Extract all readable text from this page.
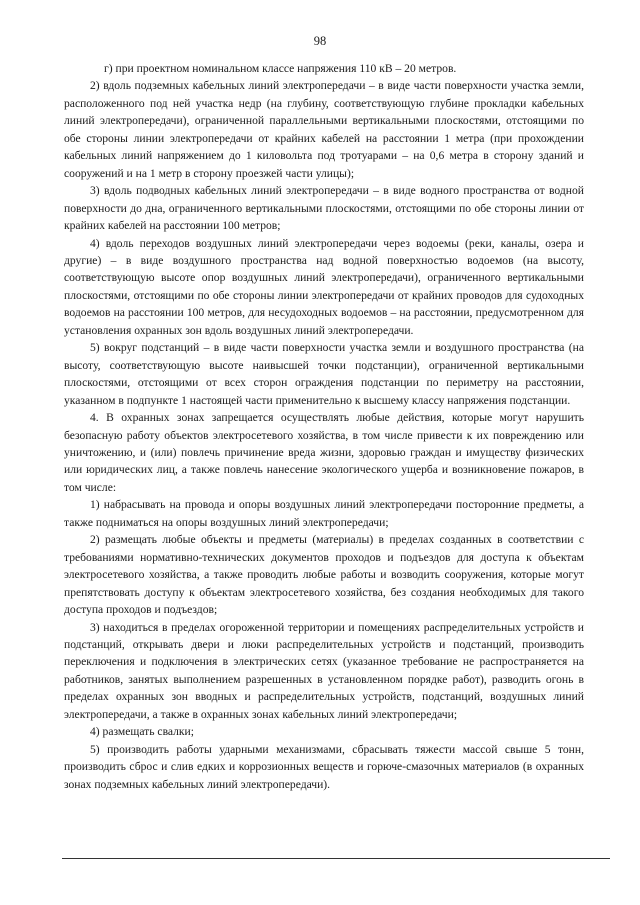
98

г) при проектном номинальном классе напряжения 110 кВ – 20 метров.

2) вдоль подземных кабельных линий электропередачи – в виде части поверхности участка земли, расположенного под ней участка недр (на глубину, соответствующую глубине прокладки кабельных линий электропередачи), ограниченной параллельными вертикальными плоскостями, отстоящими по обе стороны линии электропередачи от крайних кабелей на расстоянии 1 метра (при прохождении кабельных линий напряжением до 1 киловольта под тротуарами – на 0,6 метра в сторону зданий и сооружений и на 1 метр в сторону проезжей части улицы);

3) вдоль подводных кабельных линий электропередачи – в виде водного пространства от водной поверхности до дна, ограниченного вертикальными плоскостями, отстоящими по обе стороны линии от крайних кабелей на расстоянии 100 метров;

4) вдоль переходов воздушных линий электропередачи через водоемы (реки, каналы, озера и другие) – в виде воздушного пространства над водной поверхностью водоемов (на высоту, соответствующую высоте опор воздушных линий электропередачи), ограниченного вертикальными плоскостями, отстоящими по обе стороны линии электропередачи от крайних проводов для судоходных водоемов на расстоянии 100 метров, для несудоходных водоемов – на расстоянии, предусмотренном для установления охранных зон вдоль воздушных линий электропередачи.

5) вокруг подстанций – в виде части поверхности участка земли и воздушного пространства (на высоту, соответствующую высоте наивысшей точки подстанции), ограниченной вертикальными плоскостями, отстоящими от всех сторон ограждения подстанции по периметру на расстоянии, указанном в подпункте 1 настоящей части применительно к высшему классу напряжения подстанции.

4. В охранных зонах запрещается осуществлять любые действия, которые могут нарушить безопасную работу объектов электросетевого хозяйства, в том числе привести к их повреждению или уничтожению, и (или) повлечь причинение вреда жизни, здоровью граждан и имуществу физических или юридических лиц, а также повлечь нанесение экологического ущерба и возникновение пожаров, в том числе:

1) набрасывать на провода и опоры воздушных линий электропередачи посторонние предметы, а также подниматься на опоры воздушных линий электропередачи;

2) размещать любые объекты и предметы (материалы) в пределах созданных в соответствии с требованиями нормативно-технических документов проходов и подъездов для доступа к объектам электросетевого хозяйства, а также проводить любые работы и возводить сооружения, которые могут препятствовать доступу к объектам электросетевого хозяйства, без создания необходимых для такого доступа проходов и подъездов;

3) находиться в пределах огороженной территории и помещениях распределительных устройств и подстанций, открывать двери и люки распределительных устройств и подстанций, производить переключения и подключения в электрических сетях (указанное требование не распространяется на работников, занятых выполнением разрешенных в установленном порядке работ), разводить огонь в пределах охранных зон вводных и распределительных устройств, подстанций, воздушных линий электропередачи, а также в охранных зонах кабельных линий электропередачи;

4) размещать свалки;

5) производить работы ударными механизмами, сбрасывать тяжести массой свыше 5 тонн, производить сброс и слив едких и коррозионных веществ и горюче-смазочных материалов (в охранных зонах подземных кабельных линий электропередачи).
